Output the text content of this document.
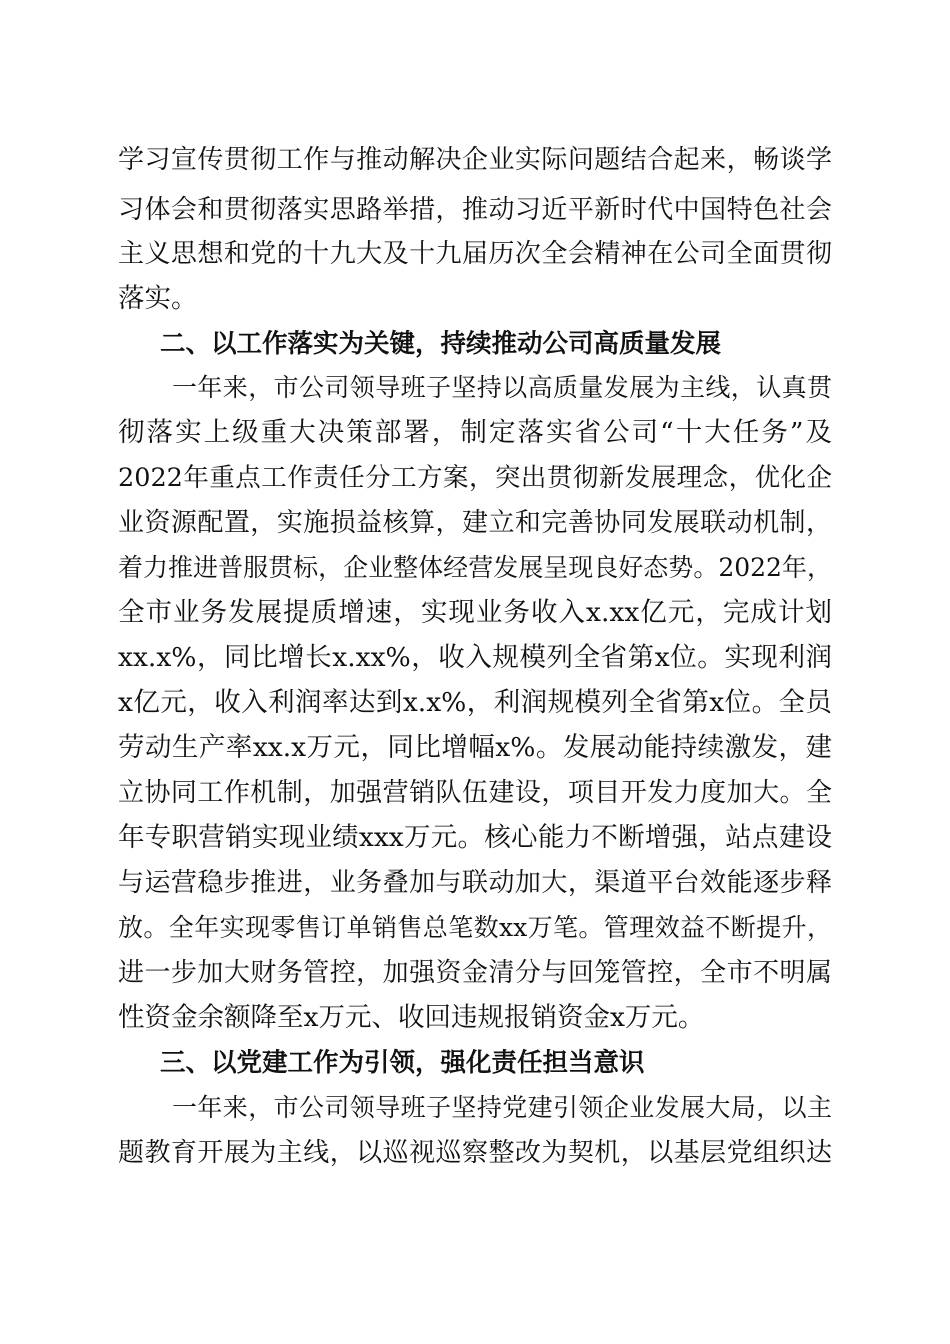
学习宣传贯彻工作与推动解决企业实际问题结合起来，畅谈学
习体会和贯彻落实思路举措，推动习近平新时代中国特色社会
主义思想和党的十九大及十九届历次全会精神在公司全面贯彻
落实。
二、以工作落实为关键，持续推动公司高质量发展
一年来，市公司领导班子坚持以高质量发展为主线，认真贯
彻落实上级重大决策部署，制定落实省公司“十大任务”及
2022年重点工作责任分工方案，突出贯彻新发展理念，优化企
业资源配置，实施损益核算，建立和完善协同发展联动机制，
着力推进普服贯标，企业整体经营发展呈现良好态势。2022年，
全市业务发展提质增速，实现业务收入x.xx亿元，完成计划
xx.x%，同比增长x.xx%，收入规模列全省第x位。实现利润
x亿元，收入利润率达到x.x%，利润规模列全省第x位。全员
劳动生产率xx.x万元，同比增幅x%。发展动能持续激发，建
立协同工作机制，加强营销队伍建设，项目开发力度加大。全
年专职营销实现业绩xxx万元。核心能力不断增强，站点建设
与运营稳步推进，业务叠加与联动加大，渠道平台效能逐步释
放。全年实现零售订单销售总笔数xx万笔。管理效益不断提升，
进一步加大财务管控，加强资金清分与回笼管控，全市不明属
性资金余额降至x万元、收回违规报销资金x万元。
三、以党建工作为引领，强化责任担当意识
一年来，市公司领导班子坚持党建引领企业发展大局，以主
题教育开展为主线，以巡视巡察整改为契机，以基层党组织达
